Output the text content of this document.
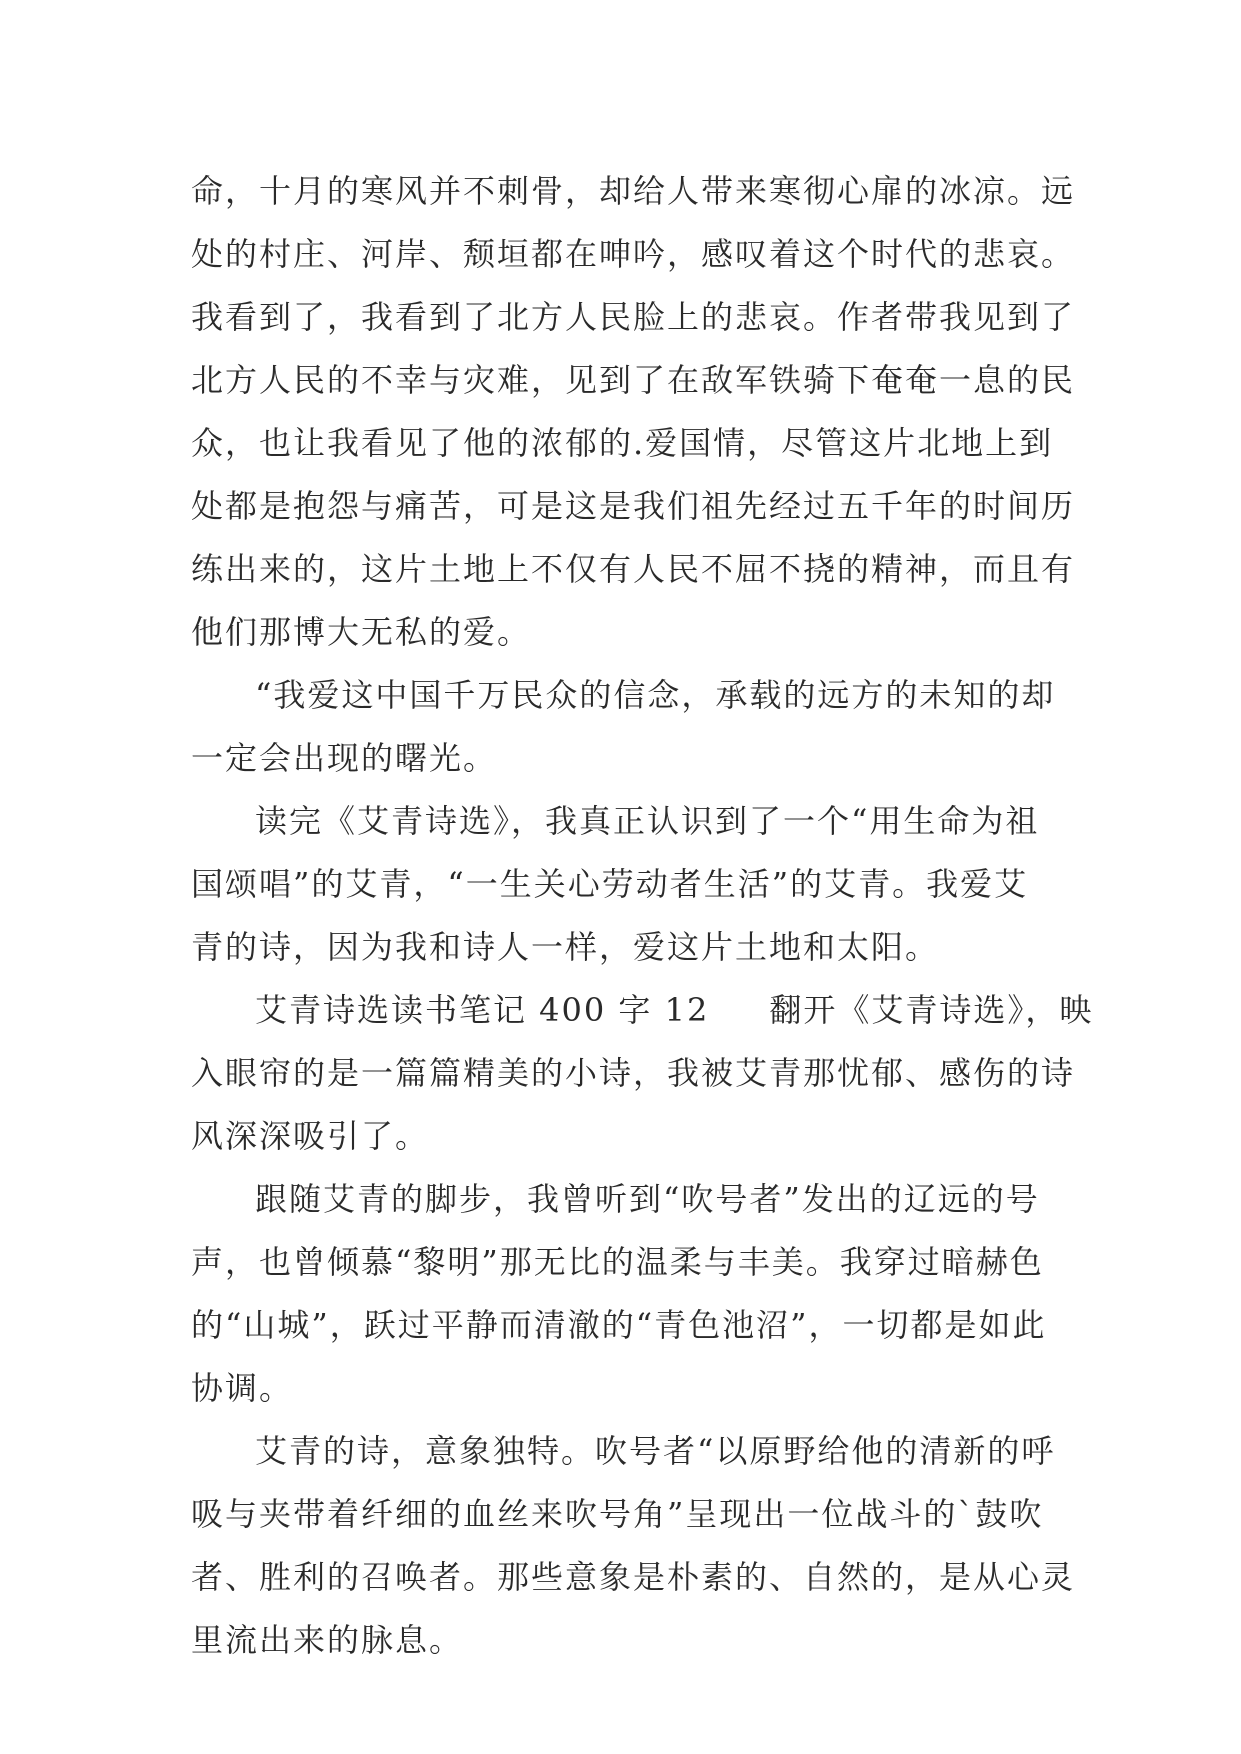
命，十月的寒风并不刺骨，却给人带来寒彻心扉的冰凉。远
处的村庄、河岸、颓垣都在呻吟，感叹着这个时代的悲哀。
我看到了，我看到了北方人民脸上的悲哀。作者带我见到了
北方人民的不幸与灾难，见到了在敌军铁骑下奄奄一息的民
众，也让我看见了他的浓郁的.爱国情，尽管这片北地上到
处都是抱怨与痛苦，可是这是我们祖先经过五千年的时间历
练出来的，这片土地上不仅有人民不屈不挠的精神，而且有
他们那博大无私的爱。
“我爱这中国千万民众的信念，承载的远方的未知的却
一定会出现的曙光。
读完《艾青诗选》，我真正认识到了一个“用生命为祖
国颂唱”的艾青，“一生关心劳动者生活”的艾青。我爱艾
青的诗，因为我和诗人一样，爱这片土地和太阳。
艾青诗选读书笔记 400 字 12 翻开《艾青诗选》，映
入眼帘的是一篇篇精美的小诗，我被艾青那忧郁、感伤的诗
风深深吸引了。
跟随艾青的脚步，我曾听到“吹号者”发出的辽远的号
声，也曾倾慕“黎明”那无比的温柔与丰美。我穿过暗赫色
的“山城”，跃过平静而清澈的“青色池沼”，一切都是如此
协调。
艾青的诗，意象独特。吹号者“以原野给他的清新的呼
吸与夹带着纤细的血丝来吹号角”呈现出一位战斗的`鼓吹
者、胜利的召唤者。那些意象是朴素的、自然的，是从心灵
里流出来的脉息。
